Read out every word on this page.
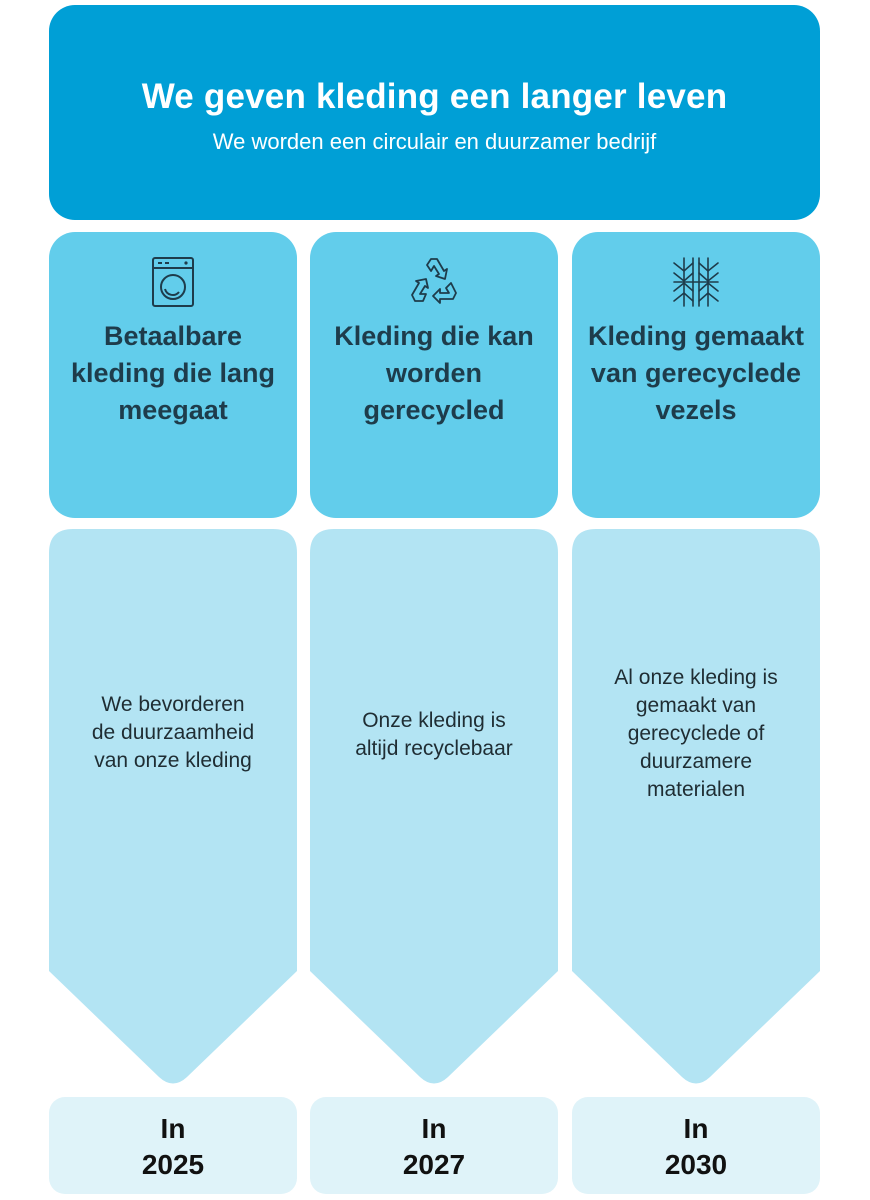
We geven kleding een langer leven
We worden een circulair en duurzamer bedrijf
Betaalbare kleding die lang meegaat
We bevorderen
de duurzaamheid
van onze kleding
In
2025
Kleding die kan worden gerecycled
Onze kleding is
altijd recyclebaar
In
2027
Kleding gemaakt van gerecyclede vezels
Al onze kleding is
gemaakt van
gerecyclede of
duurzamere
materialen
In
2030
